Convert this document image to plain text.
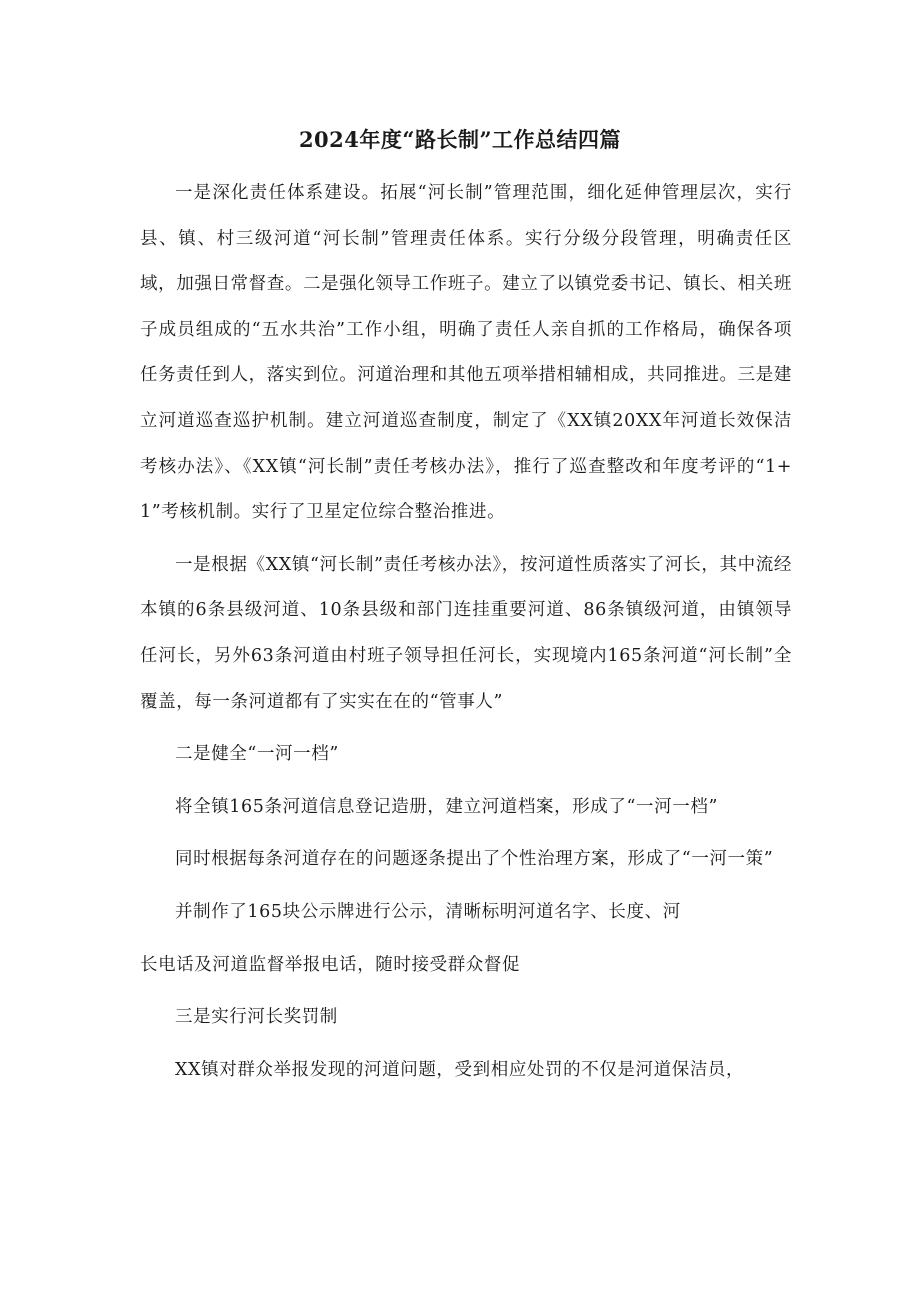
2024年度“路长制”工作总结四篇

一是深化责任体系建设。拓展“河长制”管理范围，细化延伸管理层次，实行县、镇、村三级河道“河长制”管理责任体系。实行分级分段管理，明确责任区域，加强日常督查。二是强化领导工作班子。建立了以镇党委书记、镇长、相关班子成员组成的“五水共治”工作小组，明确了责任人亲自抓的工作格局，确保各项任务责任到人，落实到位。河道治理和其他五项举措相辅相成，共同推进。三是建立河道巡查巡护机制。建立河道巡查制度，制定了《XX镇20XX年河道长效保洁考核办法》、《XX镇“河长制”责任考核办法》，推行了巡查整改和年度考评的“1+1”考核机制。实行了卫星定位综合整治推进。

一是根据《XX镇“河长制”责任考核办法》，按河道性质落实了河长，其中流经本镇的6条县级河道、10条县级和部门连挂重要河道、86条镇级河道，由镇领导任河长，另外63条河道由村班子领导担任河长，实现境内165条河道“河长制”全覆盖，每一条河道都有了实实在在的“管事人”

二是健全“一河一档”

将全镇165条河道信息登记造册，建立河道档案，形成了“一河一档”

同时根据每条河道存在的问题逐条提出了个性治理方案，形成了“一河一策”

并制作了165块公示牌进行公示，清晰标明河道名字、长度、河

长电话及河道监督举报电话，随时接受群众督促

三是实行河长奖罚制

XX镇对群众举报发现的河道问题，受到相应处罚的不仅是河道保洁员，
